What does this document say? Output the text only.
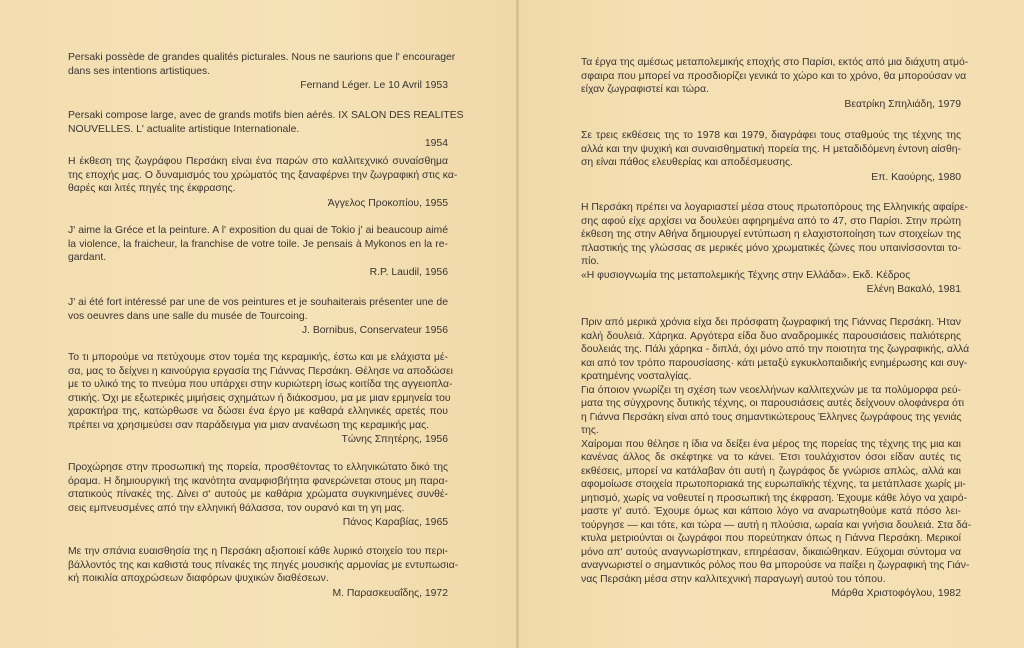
Persaki possède de grandes qualités picturales. Nous ne saurions que l' encourager
dans ses intentions artistiques.
Fernand Léger. Le 10 Avril 1953
Persaki compose large, avec de grands motifs bien aérés. IX SALON DES REALITES
NOUVELLES. L' actualite artistique Internationale.
1954
Η έκθεση της ζωγράφου Περσάκη είναι ένα παρών στο καλλιτεχνικό συναίσθημα
της εποχής μας. Ο δυναμισμός του χρώματός της ξαναφέρνει την ζωγραφική στις κα-
θαρές και λιτές πηγές της έκφρασης.
Άγγελος Προκοπίου, 1955
J' aime la Gréce et la peinture. A l' exposition du quai de Tokio j' ai beaucoup aimé
la violence, la fraicheur, la franchise de votre toile. Je pensais à Mykonos en la re-
gardant.
R.P. Laudil, 1956
J' ai été fort intéressé par une de vos peintures et je souhaiterais présenter une de
vos oeuvres dans une salle du musée de Tourcoing.
J. Bornibus, Conservateur 1956
Το τι μπορούμε να πετύχουμε στον τομέα της κεραμικής, έστω και με ελάχιστα μέ-
σα, μας το δείχνει η καινούργια εργασία της Γιάννας Περσάκη. Θέλησε να αποδώσει
με το υλικό της το πνεύμα που υπάρχει στην κυριώτερη ίσως κοιτίδα της αγγειοπλα-
στικής. Όχι με εξωτερικές μιμήσεις σχημάτων ή διάκοσμου, μα με μιαν ερμηνεία του
χαρακτήρα της, κατώρθωσε να δώσει ένα έργο με καθαρά ελληνικές αρετές που
πρέπει να χρησιμεύσει σαν παράδειγμα για μιαν ανανέωση της κεραμικής μας.
Τώνης Σπητέρης, 1956
Προχώρησε στην προσωπική της πορεία, προσθέτοντας το ελληνικώτατο δικό της
όραμα. Η δημιουργική της ικανότητα αναμφισβήτητα φανερώνεται στους μη παρα-
στατικούς πίνακές της. Δίνει σ' αυτούς με καθάρια χρώματα συγκινημένες συνθέ-
σεις εμπνευσμένες από την ελληνική θάλασσα, τον ουρανό και τη γη μας.
Πάνος Καραβίας, 1965
Με την σπάνια ευαισθησία της η Περσάκη αξιοποιεί κάθε λυρικό στοιχείο του περι-
βάλλοντός της και καθιστά τους πίνακές της πηγές μουσικής αρμονίας με εντυπωσια-
κή ποικιλία αποχρώσεων διαφόρων ψυχικών διαθέσεων.
Μ. Παρασκευαΐδης, 1972
Τα έργα της αμέσως μεταπολεμικής εποχής στο Παρίσι, εκτός από μια διάχυτη ατμό-
σφαιρα που μπορεί να προσδιορίζει γενικά το χώρο και το χρόνο, θα μπορούσαν να
είχαν ζωγραφιστεί και τώρα.
Βεατρίκη Σπηλιάδη, 1979
Σε τρεις εκθέσεις της το 1978 και 1979, διαγράφει τους σταθμούς της τέχνης της
αλλά και την ψυχική και συναισθηματική πορεία της. Η μεταδιδόμενη έντονη αίσθη-
ση είναι πάθος ελευθερίας και αποδέσμευσης.
Επ. Καούρης, 1980
Η Περσάκη πρέπει να λογαριαστεί μέσα στους πρωτοπόρους της Ελληνικής αφαίρε-
σης αφού είχε αρχίσει να δουλεύει αφηρημένα από το 47, στο Παρίσι. Στην πρώτη
έκθεση της στην Αθήνα δημιουργεί εντύπωση η ελαχιστοποίηση των στοιχείων της
πλαστικής της γλώσσας σε μερικές μόνο χρωματικές ζώνες που υπαινίσσονται το-
πίο.
«Η φυσιογνωμία της μεταπολεμικής Τέχνης στην Ελλάδα». Εκδ. Κέδρος
Ελένη Βακαλό, 1981
Πριν από μερικά χρόνια είχα δει πρόσφατη ζωγραφική της Γιάννας Περσάκη. Ήταν
καλή δουλειά. Χάρηκα. Αργότερα είδα δυο αναδρομικές παρουσιάσεις παλιότερης
δουλειάς της. Πάλι χάρηκα - διπλά, όχι μόνο από την ποιοτητα της ζωγραφικής, αλλά
και από τον τρόπο παρουσίασης· κάτι μεταξύ εγκυκλοπαιδικής ενημέρωσης και συγ-
κρατημένης νοσταλγίας.
Για όποιον γνωρίζει τη σχέση των νεοελλήνων καλλιτεχνών με τα πολύμορφα ρεύ-
ματα της σύγχρονης δυτικής τέχνης, οι παρουσιάσεις αυτές δείχνουν ολοφάνερα ότι
η Γιάννα Περσάκη είναι από τους σημαντικώτερους Έλληνες ζωγράφους της γενιάς
της.
Χαίρομαι που θέλησε η ίδια να δείξει ένα μέρος της πορείας της τέχνης της μια και
κανένας άλλος δε σκέφτηκε να το κάνει. Έτσι τουλάχιστον όσοι είδαν αυτές τις
εκθέσεις, μπορεί να κατάλαβαν ότι αυτή η ζωγράφος δε γνώρισε απλώς, αλλά και
αφομοίωσε στοιχεία πρωτοποριακά της ευρωπαϊκής τέχνης, τα μετάπλασε χωρίς μι-
μητισμό, χωρίς να νοθευτεί η προσωπική της έκφραση. Έχουμε κάθε λόγο να χαιρό-
μαστε γι' αυτό. Έχουμε όμως και κάποιο λόγο να αναρωτηθούμε κατά πόσο λει-
τούργησε — και τότε, και τώρα — αυτή η πλούσια, ωραία και γνήσια δουλειά. Στα δά-
κτυλα μετριούνται οι ζωγράφοι που πορεύτηκαν όπως η Γιάννα Περσάκη. Μερικοί
μόνο απ' αυτούς αναγνωρίστηκαν, επηρέασαν, δικαιώθηκαν. Εύχομαι σύντομα να
αναγνωριστεί ο σημαντικός ρόλος που θα μπορούσε να παίξει η ζωγραφική της Γιάν-
νας Περσάκη μέσα στην καλλιτεχνική παραγωγή αυτού του τόπου.
Μάρθα Χριστοφόγλου, 1982
